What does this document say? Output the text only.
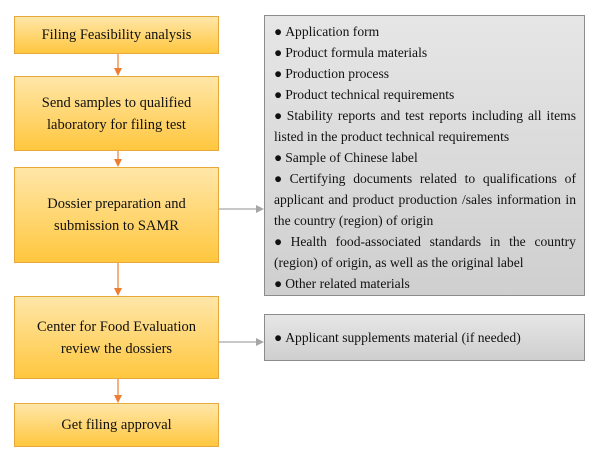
Filing Feasibility analysis
Send samples to qualified laboratory for filing test
Dossier preparation and submission to SAMR
Center for Food Evaluation review the dossiers
Get filing approval
● Application form
● Product formula materials
● Production process
● Product technical requirements
● Stability reports and test reports including all items listed in the product technical requirements
● Sample of Chinese label
● Certifying documents related to qualifications of applicant and product production /sales information in the country (region) of origin
● Health food-associated standards in the country (region) of origin, as well as the original label
● Other related materials
● Applicant supplements material (if needed)
